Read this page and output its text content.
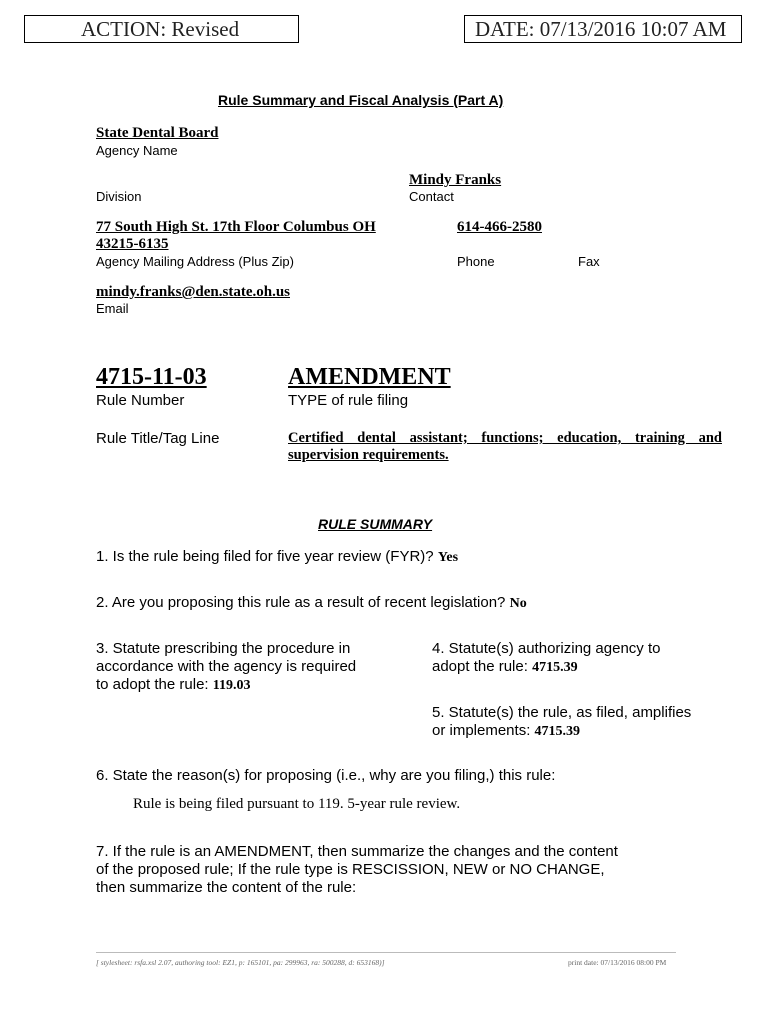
ACTION: Revised	DATE: 07/13/2016 10:07 AM
Rule Summary and Fiscal Analysis (Part A)
State Dental Board
Agency Name
Mindy Franks
Division	Contact
77 South High St. 17th Floor Columbus OH
43215-6135
614-466-2580
Agency Mailing Address (Plus Zip)	Phone	Fax
mindy.franks@den.state.oh.us
Email
4715-11-03	AMENDMENT
Rule Number	TYPE of rule filing
Rule Title/Tag Line	Certified dental assistant; functions; education, training and
supervision requirements.
RULE SUMMARY
1. Is the rule being filed for five year review (FYR)? Yes
2. Are you proposing this rule as a result of recent legislation? No
3. Statute prescribing the procedure in
accordance with the agency is required
to adopt the rule: 119.03
4. Statute(s) authorizing agency to
adopt the rule: 4715.39
5. Statute(s) the rule, as filed, amplifies
or implements: 4715.39
6. State the reason(s) for proposing (i.e., why are you filing,) this rule:
Rule is being filed pursuant to 119. 5-year rule review.
7. If the rule is an AMENDMENT, then summarize the changes and the content
of the proposed rule; If the rule type is RESCISSION, NEW or NO CHANGE,
then summarize the content of the rule:
[ stylesheet: rsfa.xsl 2.07, authoring tool: EZ1, p: 165101, pa: 299963, ra: 500288, d: 653168)]	print date: 07/13/2016 08:00 PM
